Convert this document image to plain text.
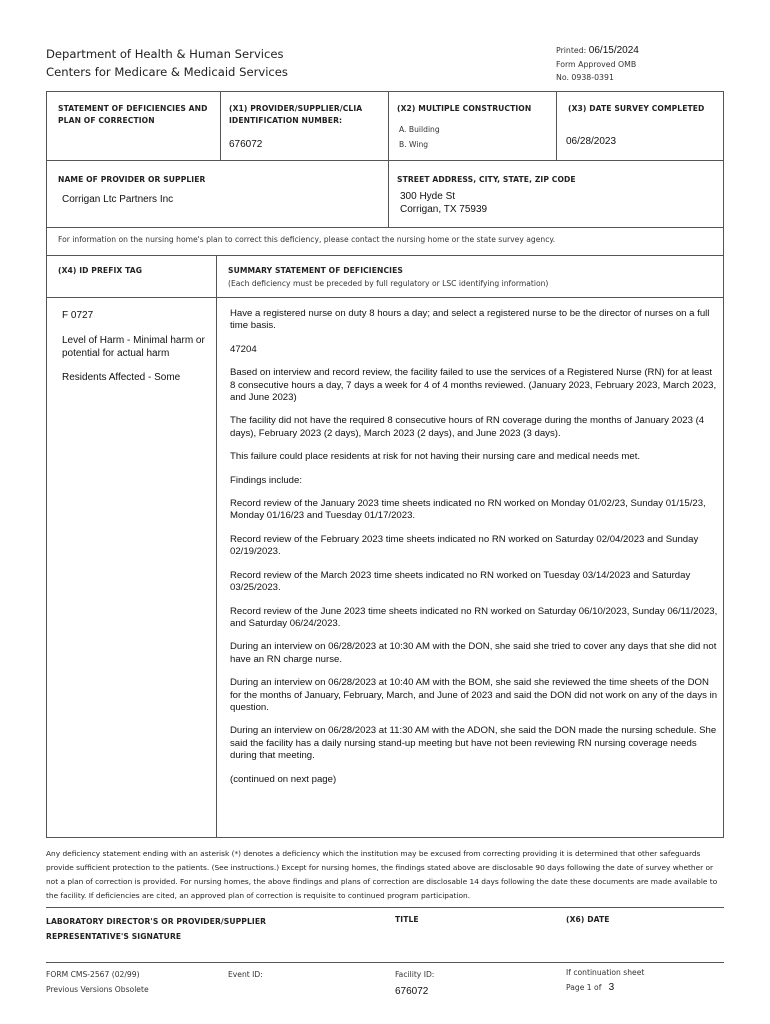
Department of Health & Human Services
Centers for Medicare & Medicaid Services
Printed: 06/15/2024
Form Approved OMB
No. 0938-0391
STATEMENT OF DEFICIENCIES AND PLAN OF CORRECTION
(X1) PROVIDER/SUPPLIER/CLIA IDENTIFICATION NUMBER:
676072
(X2) MULTIPLE CONSTRUCTION
A. Building
B. Wing
(X3) DATE SURVEY COMPLETED
06/28/2023
NAME OF PROVIDER OR SUPPLIER
Corrigan Ltc Partners Inc
STREET ADDRESS, CITY, STATE, ZIP CODE
300 Hyde St
Corrigan, TX 75939
For information on the nursing home's plan to correct this deficiency, please contact the nursing home or the state survey agency.
(X4) ID PREFIX TAG	SUMMARY STATEMENT OF DEFICIENCIES
(Each deficiency must be preceded by full regulatory or LSC identifying information)
F 0727
Level of Harm - Minimal harm or potential for actual harm
Residents Affected - Some

Have a registered nurse on duty 8 hours a day; and select a registered nurse to be the director of nurses on a full time basis.

47204

Based on interview and record review, the facility failed to use the services of a Registered Nurse (RN) for at least 8 consecutive hours a day, 7 days a week for 4 of 4 months reviewed. (January 2023, February 2023, March 2023, and June 2023)

The facility did not have the required 8 consecutive hours of RN coverage during the months of January 2023 (4 days), February 2023 (2 days), March 2023 (2 days), and June 2023 (3 days).

This failure could place residents at risk for not having their nursing care and medical needs met.

Findings include:

Record review of the January 2023 time sheets indicated no RN worked on Monday 01/02/23, Sunday 01/15/23, Monday 01/16/23 and Tuesday 01/17/2023.

Record review of the February 2023 time sheets indicated no RN worked on Saturday 02/04/2023 and Sunday 02/19/2023.

Record review of the March 2023 time sheets indicated no RN worked on Tuesday 03/14/2023 and Saturday 03/25/2023.

Record review of the June 2023 time sheets indicated no RN worked on Saturday 06/10/2023, Sunday 06/11/2023, and Saturday 06/24/2023.

During an interview on 06/28/2023 at 10:30 AM with the DON, she said she tried to cover any days that she did not have an RN charge nurse.

During an interview on 06/28/2023 at 10:40 AM with the BOM, she said she reviewed the time sheets of the DON for the months of January, February, March, and June of 2023 and said the DON did not work on any of the days in question.

During an interview on 06/28/2023 at 11:30 AM with the ADON, she said the DON made the nursing schedule. She said the facility has a daily nursing stand-up meeting but have not been reviewing RN nursing coverage needs during that meeting.

(continued on next page)

Any deficiency statement ending with an asterisk (*) denotes a deficiency which the institution may be excused from correcting providing it is determined that other safeguards provide sufficient protection to the patients. (See instructions.) Except for nursing homes, the findings stated above are disclosable 90 days following the date of survey whether or not a plan of correction is provided. For nursing homes, the above findings and plans of correction are disclosable 14 days following the date these documents are made available to the facility. If deficiencies are cited, an approved plan of correction is requisite to continued program participation.
LABORATORY DIRECTOR'S OR PROVIDER/SUPPLIER REPRESENTATIVE'S SIGNATURE
TITLE	(X6) DATE
FORM CMS-2567 (02/99)
Previous Versions Obsolete
Event ID:	Facility ID:
676072
If continuation sheet
Page 1 of 3
